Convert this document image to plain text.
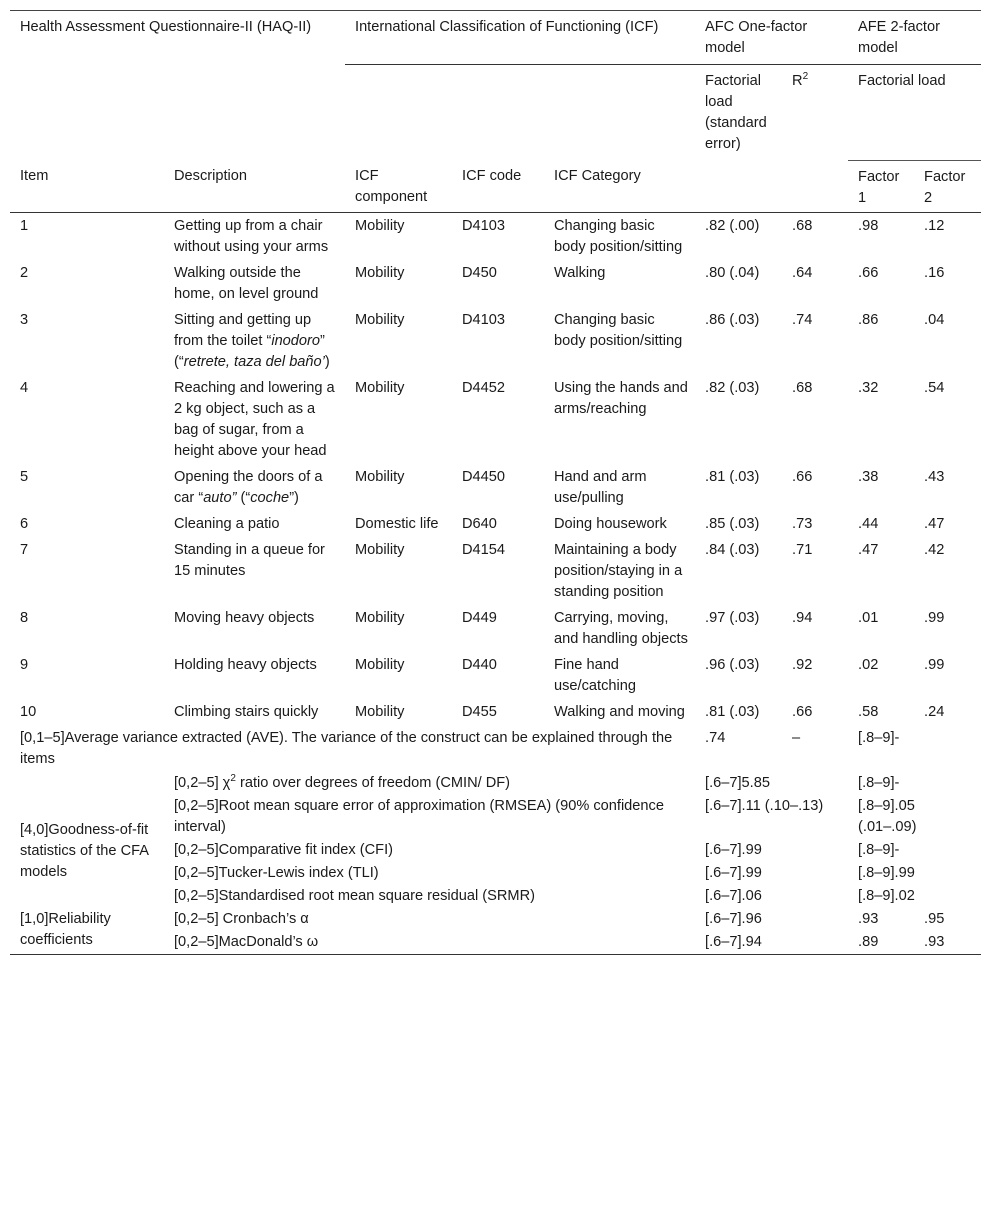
Health Assessment Questionnaire-II (HAQ-II)		International Classification of Functioning (ICF)			AFC One-factor model		AFE 2-factor model	
					Factorial load (standard error)	$R^2$	Factorial load	
Item	Description	ICF component	ICF code	ICF Category			Factor 1	Factor 2
1	Getting up from a chair without using your arms	Mobility	D4103	Changing basic body position/sitting	.82 (.00)	.68	.98	.12
2	Walking outside the home, on level ground	Mobility	D450	Walking	.80 (.04)	.64	.66	.16
3	Sitting and getting up from the toilet “inodoro” (“retrete, taza del baño’)	Mobility	D4103	Changing basic body position/sitting	.86 (.03)	.74	.86	.04
4	Reaching and lowering a 2 kg object, such as a bag of sugar, from a height above your head	Mobility	D4452	Using the hands and arms/reaching	.82 (.03)	.68	.32	.54
5	Opening the doors of a car “auto” (“coche”)	Mobility	D4450	Hand and arm use/pulling	.81 (.03)	.66	.38	.43
6	Cleaning a patio	Domestic life	D640	Doing housework	.85 (.03)	.73	.44	.47
7	Standing in a queue for 15 minutes	Mobility	D4154	Maintaining a body position/staying in a standing position	.84 (.03)	.71	.47	.42
8	Moving heavy objects	Mobility	D449	Carrying, moving, and handling objects	.97 (.03)	.94	.01	.99
9	Holding heavy objects	Mobility	D440	Fine hand use/catching	.96 (.03)	.92	.02	.99
10	Climbing stairs quickly	Mobility	D455	Walking and moving	.81 (.03)	.66	.58	.24
[0,1–5]Average variance extracted (AVE). The variance of the construct can be explained through the items					.74	–	[.8–9]-	
	[0,2–5] $\chi^2$ ratio over degrees of freedom (CMIN/ DF)				[.6–7]5.85		[.8–9]-	
[4,0]Goodness-of-fit statistics of the CFA models	[0,2–5]Root mean square error of approximation (RMSEA) (90% confidence interval)				[.6–7].11 (.10–.13)		[.8–9].05 (.01–.09)	
	[0,2–5]Comparative fit index (CFI)				[.6–7].99		[.8–9]-	
	[0,2–5]Tucker-Lewis index (TLI)				[.6–7].99		[.8–9].99	
	[0,2–5]Standardised root mean square residual (SRMR)				[.6–7].06		[.8–9].02	
[1,0]Reliability coefficients	[0,2–5] Cronbach’s α				[.6–7].96		.93	.95
	[0,2–5]MacDonald’s ω				[.6–7].94		.89	.93
